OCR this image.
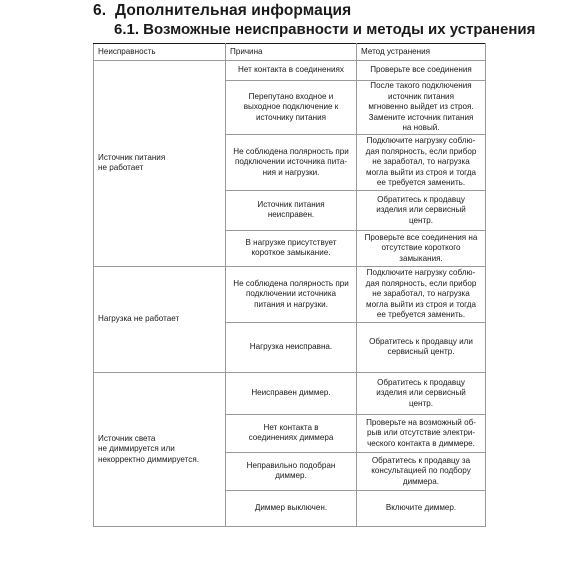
6. Дополнительная информация
6.1. Возможные неисправности и методы их устранения
Неисправность	Причина	Метод устранения
Источник питания
не работает	Нет контакта в соединениях	Проверьте все соединения
	Перепутано входное и
выходное подключение к
источнику питания	После такого подключения
источник питания
мгновенно выйдет из строя.
Замените источник питания
на новый.
	Не соблюдена полярность при
подключении источника пита-
ния и нагрузки.	Подключите нагрузку соблю-
дая полярность, если прибор
не заработал, то нагрузка
могла выйти из строя и тогда
ее требуется заменить.
	Источник питания
неисправен.	Обратитесь к продавцу
изделия или сервисный
центр.
	В нагрузке присутствует
короткое замыкание.	Проверьте все соединения на
отсутствие короткого
замыкания.
Нагрузка не работает	Не соблюдена полярность при
подключении источника
питания и нагрузки.	Подключите нагрузку соблю-
дая полярность, если прибор
не заработал, то нагрузка
могла выйти из строя и тогда
ее требуется заменить.
	Нагрузка неисправна.	Обратитесь к продавцу или
сервисный центр.
Источник света
не диммируется или
некорректно диммируется.	Неисправен диммер.	Обратитесь к продавцу
изделия или сервисный
центр.
	Нет контакта в
соединениях диммера	Проверьте на возможный об-
рыв или отсутствие электри-
ческого контакта в диммере.
	Неправильно подобран
диммер.	Обратитесь к продавцу за
консультацией по подбору
диммера.
	Диммер выключен.	Включите диммер.
